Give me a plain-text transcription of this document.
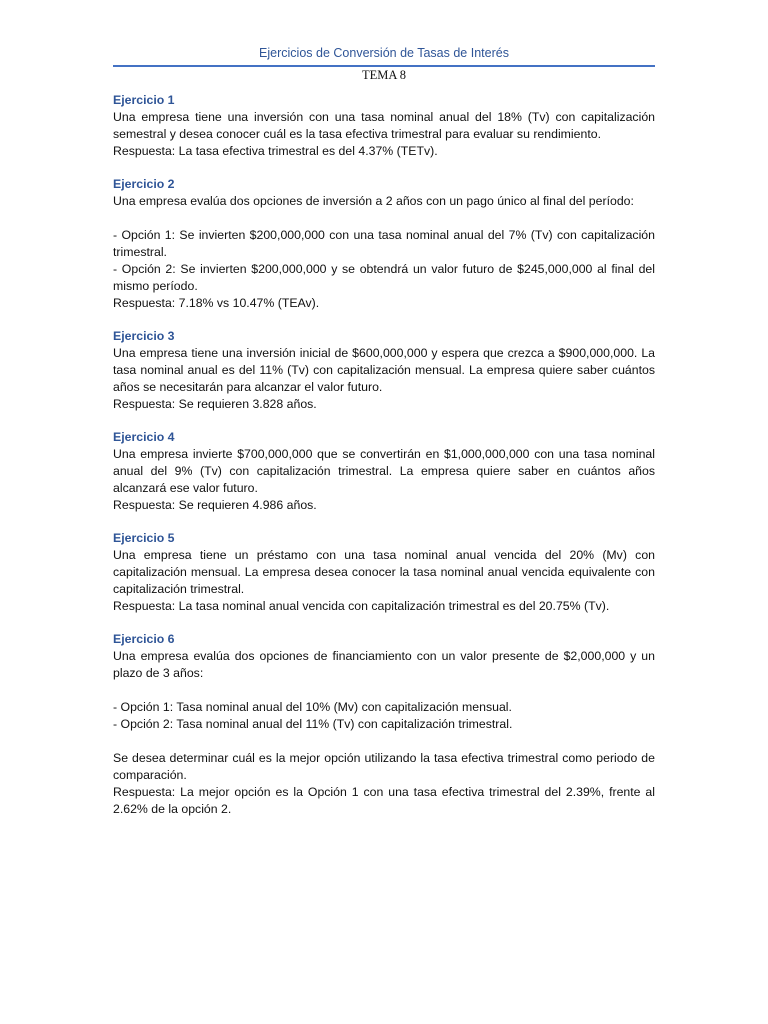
Ejercicios de Conversión de Tasas de Interés
TEMA 8

Ejercicio 1

Una empresa tiene una inversión con una tasa nominal anual del 18% (Tv) con capitalización semestral y desea conocer cuál es la tasa efectiva trimestral para evaluar su rendimiento.

Respuesta: La tasa efectiva trimestral es del 4.37% (TETv).

Ejercicio 2

Una empresa evalúa dos opciones de inversión a 2 años con un pago único al final del período:

- Opción 1: Se invierten $200,000,000 con una tasa nominal anual del 7% (Tv) con capitalización trimestral.

- Opción 2: Se invierten $200,000,000 y se obtendrá un valor futuro de $245,000,000 al final del mismo período.

Respuesta: 7.18% vs 10.47% (TEAv).

Ejercicio 3

Una empresa tiene una inversión inicial de $600,000,000 y espera que crezca a $900,000,000. La tasa nominal anual es del 11% (Tv) con capitalización mensual. La empresa quiere saber cuántos años se necesitarán para alcanzar el valor futuro.

Respuesta: Se requieren 3.828 años.

Ejercicio 4

Una empresa invierte $700,000,000 que se convertirán en $1,000,000,000 con una tasa nominal anual del 9% (Tv) con capitalización trimestral. La empresa quiere saber en cuántos años alcanzará ese valor futuro.

Respuesta: Se requieren 4.986 años.

Ejercicio 5

Una empresa tiene un préstamo con una tasa nominal anual vencida del 20% (Mv) con capitalización mensual. La empresa desea conocer la tasa nominal anual vencida equivalente con capitalización trimestral.

Respuesta: La tasa nominal anual vencida con capitalización trimestral es del 20.75% (Tv).

Ejercicio 6

Una empresa evalúa dos opciones de financiamiento con un valor presente de $2,000,000 y un plazo de 3 años:

- Opción 1: Tasa nominal anual del 10% (Mv) con capitalización mensual.

- Opción 2: Tasa nominal anual del 11% (Tv) con capitalización trimestral.

Se desea determinar cuál es la mejor opción utilizando la tasa efectiva trimestral como periodo de comparación.

Respuesta: La mejor opción es la Opción 1 con una tasa efectiva trimestral del 2.39%, frente al 2.62% de la opción 2.
